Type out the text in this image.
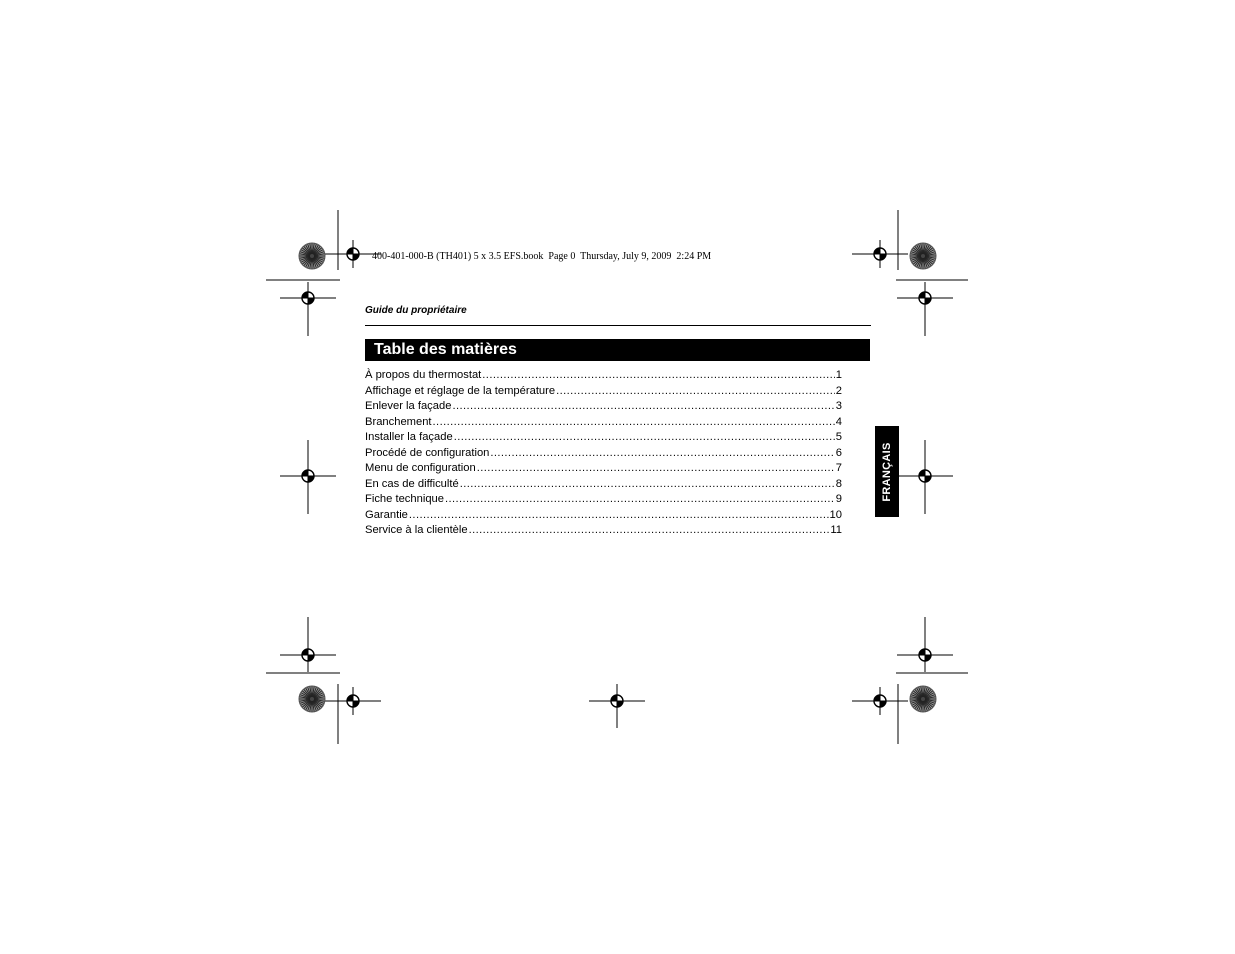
400-401-000-B (TH401) 5 x 3.5 EFS.book  Page 0  Thursday, July 9, 2009  2:24 PM
Guide du propriétaire
Table des matières
À propos du thermostat .....	1
Affichage et réglage de la température .....	2
Enlever la façade .....	3
Branchement .....	4
Installer la façade .....	5
Procédé de configuration .....	6
Menu de configuration .....	7
En cas de difficulté .....	8
Fiche technique .....	9
Garantie .....	10
Service à la clientèle .....	11
FRANÇAIS
